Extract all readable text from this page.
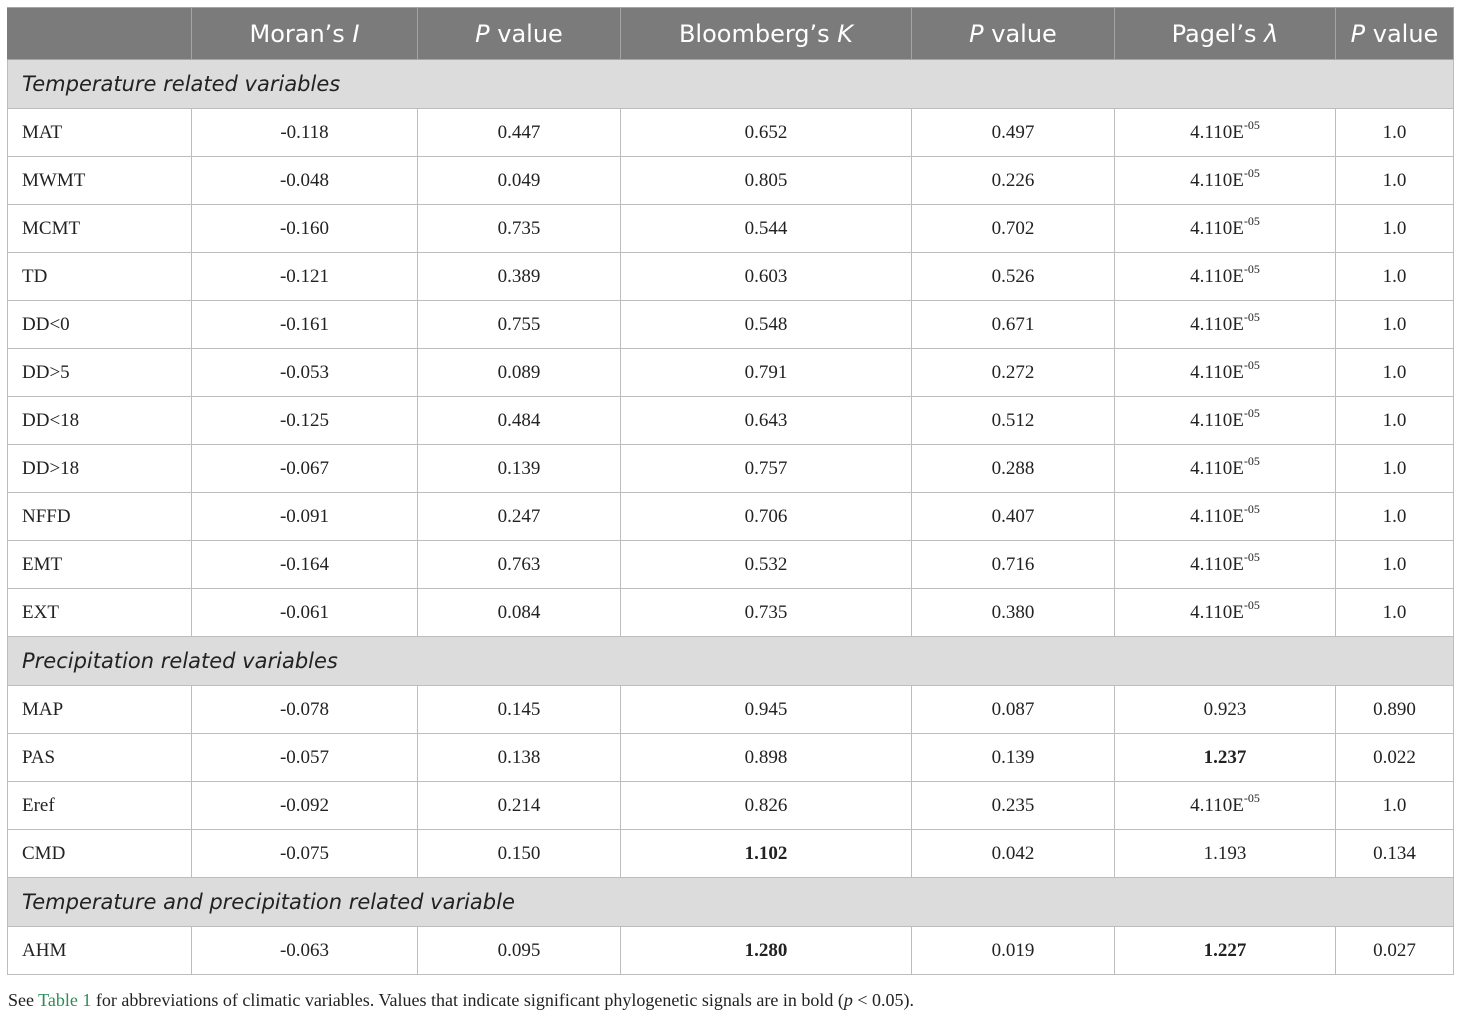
	Moran’s I	P value	Bloomberg’s K	P value	Pagel’s λ	P value
Temperature related variables						
MAT	-0.118	0.447	0.652	0.497	$4.110E^{-05}$	1.0
MWMT	-0.048	0.049	0.805	0.226	$4.110E^{-05}$	1.0
MCMT	-0.160	0.735	0.544	0.702	$4.110E^{-05}$	1.0
TD	-0.121	0.389	0.603	0.526	$4.110E^{-05}$	1.0
DD<0	-0.161	0.755	0.548	0.671	$4.110E^{-05}$	1.0
DD>5	-0.053	0.089	0.791	0.272	$4.110E^{-05}$	1.0
DD<18	-0.125	0.484	0.643	0.512	$4.110E^{-05}$	1.0
DD>18	-0.067	0.139	0.757	0.288	$4.110E^{-05}$	1.0
NFFD	-0.091	0.247	0.706	0.407	$4.110E^{-05}$	1.0
EMT	-0.164	0.763	0.532	0.716	$4.110E^{-05}$	1.0
EXT	-0.061	0.084	0.735	0.380	$4.110E^{-05}$	1.0
Precipitation related variables						
MAP	-0.078	0.145	0.945	0.087	0.923	0.890
PAS	-0.057	0.138	0.898	0.139	1.237	0.022
Eref	-0.092	0.214	0.826	0.235	$4.110E^{-05}$	1.0
CMD	-0.075	0.150	1.102	0.042	1.193	0.134
Temperature and precipitation related variable						
AHM	-0.063	0.095	1.280	0.019	1.227	0.027
See Table 1 for abbreviations of climatic variables. Values that indicate significant phylogenetic signals are in bold (p < 0.05).
